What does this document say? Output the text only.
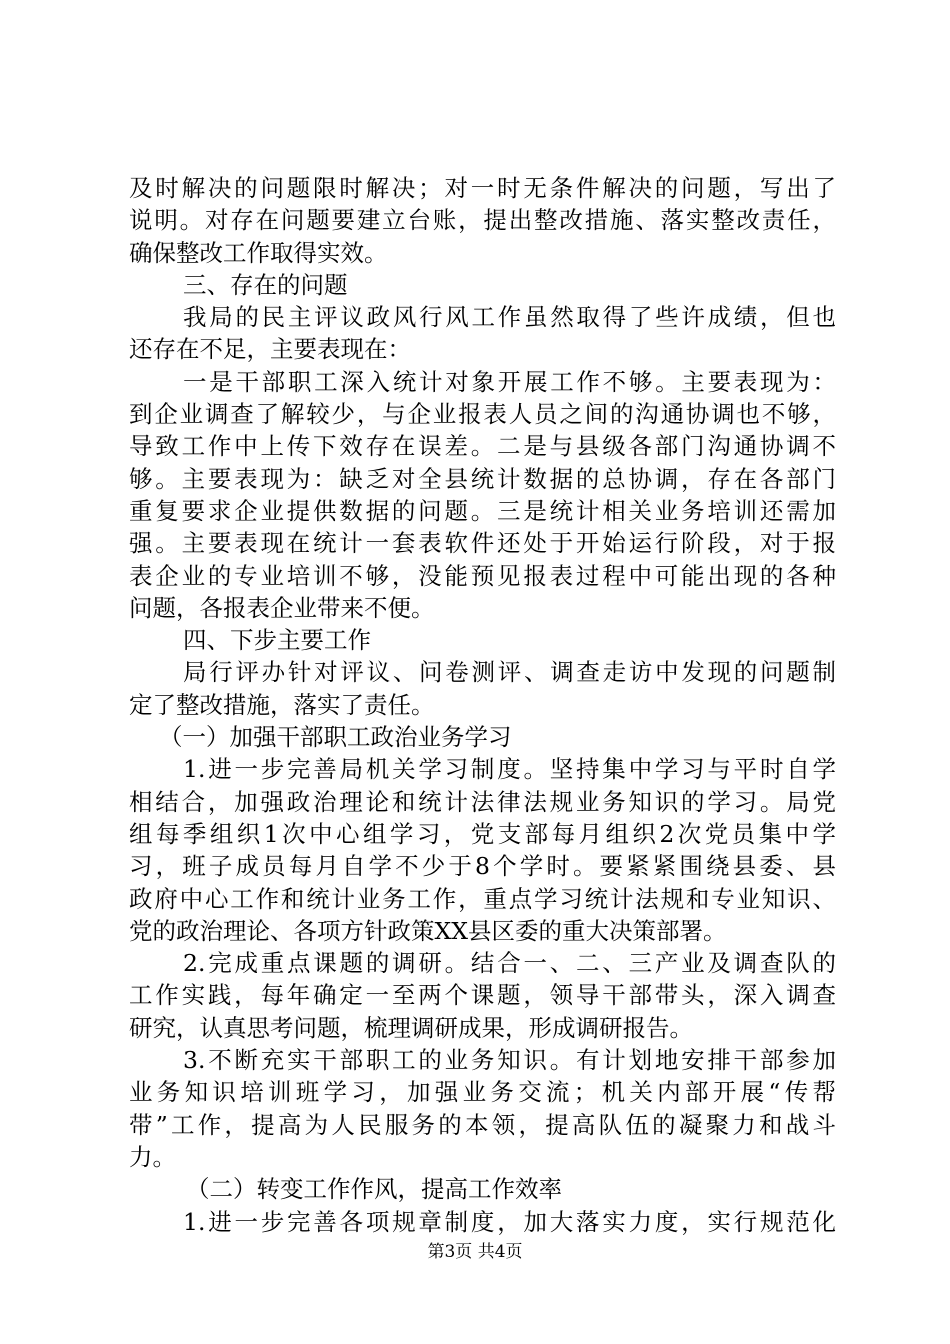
及时解决的问题限时解决；对一时无条件解决的问题，写出了
说明。对存在问题要建立台账，提出整改措施、落实整改责任，
确保整改工作取得实效。
三、存在的问题
我局的民主评议政风行风工作虽然取得了些许成绩，但也
还存在不足，主要表现在：
一是干部职工深入统计对象开展工作不够。主要表现为：
到企业调查了解较少，与企业报表人员之间的沟通协调也不够，
导致工作中上传下效存在误差。二是与县级各部门沟通协调不
够。主要表现为：缺乏对全县统计数据的总协调，存在各部门
重复要求企业提供数据的问题。三是统计相关业务培训还需加
强。主要表现在统计一套表软件还处于开始运行阶段，对于报
表企业的专业培训不够，没能预见报表过程中可能出现的各种
问题，各报表企业带来不便。
四、下步主要工作
局行评办针对评议、问卷测评、调查走访中发现的问题制
定了整改措施，落实了责任。
（一）加强干部职工政治业务学习
1.进一步完善局机关学习制度。坚持集中学习与平时自学
相结合，加强政治理论和统计法律法规业务知识的学习。局党
组每季组织1次中心组学习，党支部每月组织2次党员集中学
习，班子成员每月自学不少于8个学时。要紧紧围绕县委、县
政府中心工作和统计业务工作，重点学习统计法规和专业知识、
党的政治理论、各项方针政策XX县区委的重大决策部署。
2.完成重点课题的调研。结合一、二、三产业及调查队的
工作实践，每年确定一至两个课题，领导干部带头，深入调查
研究，认真思考问题，梳理调研成果，形成调研报告。
3.不断充实干部职工的业务知识。有计划地安排干部参加
业务知识培训班学习，加强业务交流；机关内部开展“传帮
带”工作，提高为人民服务的本领，提高队伍的凝聚力和战斗
力。
（二）转变工作作风，提高工作效率
1.进一步完善各项规章制度，加大落实力度，实行规范化
第3页 共4页
